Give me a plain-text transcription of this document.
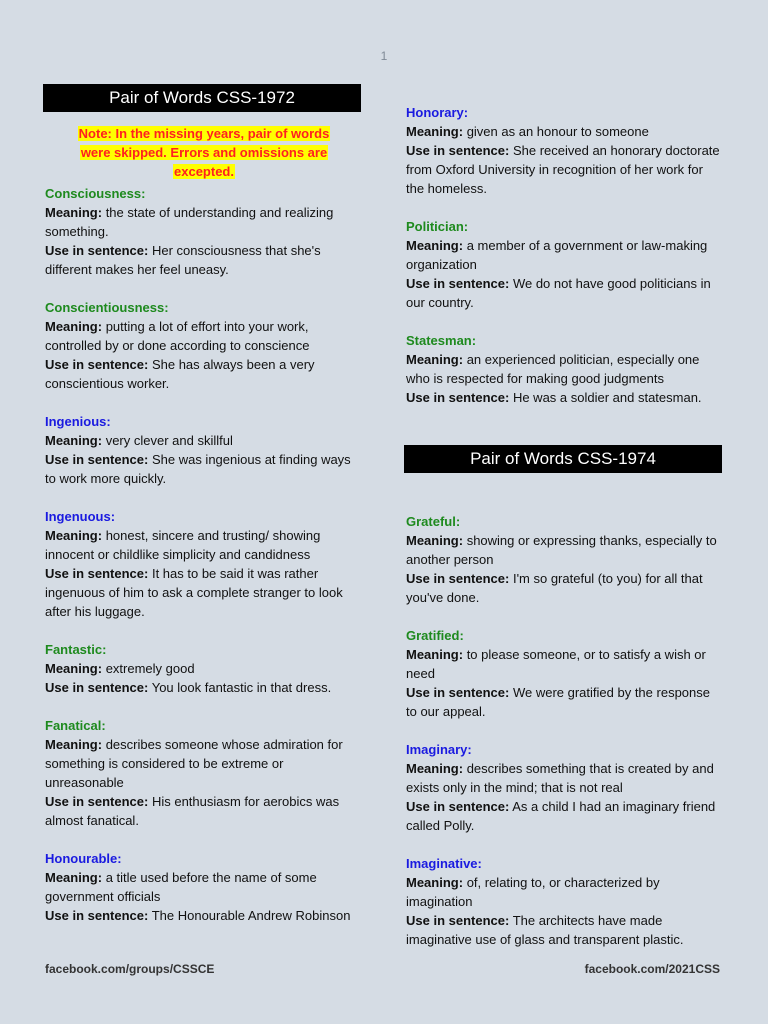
1
Pair of Words CSS-1972
Note: In the missing years, pair of words
were skipped. Errors and omissions are
excepted.

Consciousness:

Meaning: the state of understanding and realizing something.

Use in sentence: Her consciousness that she's different makes her feel uneasy.

Conscientiousness:

Meaning: putting a lot of effort into your work, controlled by or done according to conscience

Use in sentence: She has always been a very conscientious worker.

Ingenious:

Meaning: very clever and skillful

Use in sentence: She was ingenious at finding ways to work more quickly.

Ingenuous:

Meaning: honest, sincere and trusting/ showing innocent or childlike simplicity and candidness

Use in sentence: It has to be said it was rather ingenuous of him to ask a complete stranger to look after his luggage.

Fantastic:

Meaning: extremely good

Use in sentence: You look fantastic in that dress.

Fanatical:

Meaning: describes someone whose admiration for something is considered to be extreme or unreasonable

Use in sentence: His enthusiasm for aerobics was almost fanatical.

Honourable:

Meaning: a title used before the name of some government officials

Use in sentence: The Honourable Andrew Robinson

Honorary:

Meaning: given as an honour to someone

Use in sentence: She received an honorary doctorate from Oxford University in recognition of her work for the homeless.

Politician:

Meaning: a member of a government or law-making organization

Use in sentence: We do not have good politicians in our country.

Statesman:

Meaning: an experienced politician, especially one who is respected for making good judgments

Use in sentence: He was a soldier and statesman.

Pair of Words CSS-1974

Grateful:

Meaning: showing or expressing thanks, especially to another person

Use in sentence: I'm so grateful (to you) for all that you've done.

Gratified:

Meaning: to please someone, or to satisfy a wish or need

Use in sentence: We were gratified by the response to our appeal.

Imaginary:

Meaning: describes something that is created by and exists only in the mind; that is not real

Use in sentence: As a child I had an imaginary friend called Polly.

Imaginative:

Meaning: of, relating to, or characterized by imagination

Use in sentence: The architects have made imaginative use of glass and transparent plastic.

facebook.com/groups/CSSCE	facebook.com/2021CSS
